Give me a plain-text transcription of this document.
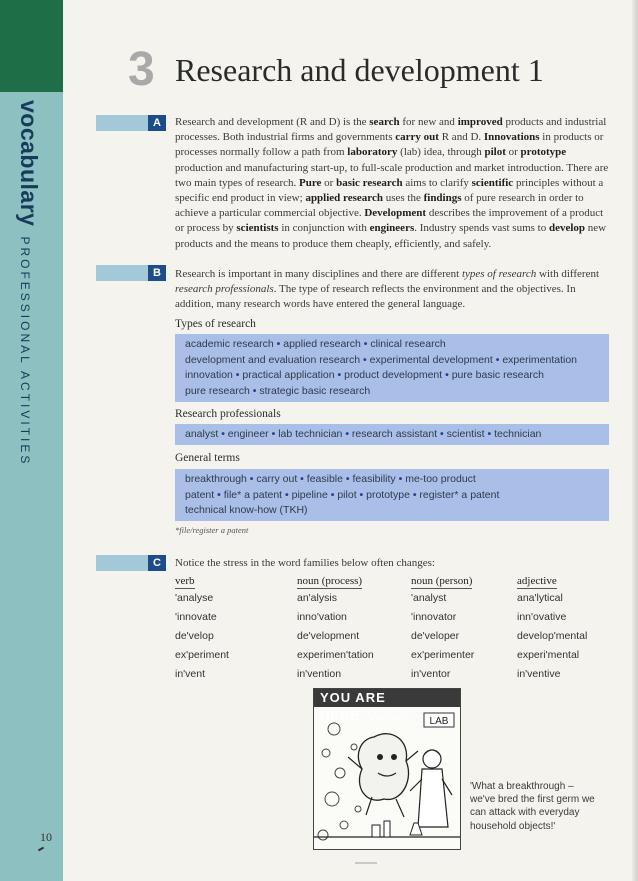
vocabularyPROFESSIONAL ACTIVITIES
10
3 Research and development 1
A	Research and development (R and D) is the search for new and improved products and industrial processes. Both industrial firms and governments carry out R and D. Innovations in products or processes normally follow a path from laboratory (lab) idea, through pilot or prototype production and manufacturing start-up, to full-scale production and market introduction. There are two main types of research. Pure or basic research aims to clarify scientific principles without a specific end product in view; applied research uses the findings of pure research in order to achieve a particular commercial objective. Development describes the improvement of a product or process by scientists in conjunction with engineers. Industry spends vast sums to develop new products and the means to produce them cheaply, efficiently, and safely.
B	Research is important in many disciplines and there are different types of research with different research professionals. The type of research reflects the environment and the objectives. In addition, many research words have entered the general language.
Types of research
academic research • applied research • clinical research
development and evaluation research • experimental development • experimentation
innovation • practical application • product development • pure basic research
pure research • strategic basic research
Research professionals
analyst • engineer • lab technician • research assistant • scientist • technician
General terms
breakthrough • carry out • feasible • feasibility • me-too product
patent • file* a patent • pipeline • pilot • prototype • register* a patent
technical know-how (TKH)
*file/register a patent
C	Notice the stress in the word families below often changes:
verb	noun (process)	noun (person)	adjective
'analyse	an'alysis	'analyst	ana'lytical
'innovate	inno'vation	'innovator	inn'ovative
de'velop	de'velopment	de'veloper	develop'mental
ex'periment	experimen'tation	ex'perimenter	experi'mental
in'vent	in'vention	in'ventor	in'ventive
YOU ARE HERE Madden	LAB
'What a breakthrough – we've bred the first germ we can attack with everyday household objects!'
